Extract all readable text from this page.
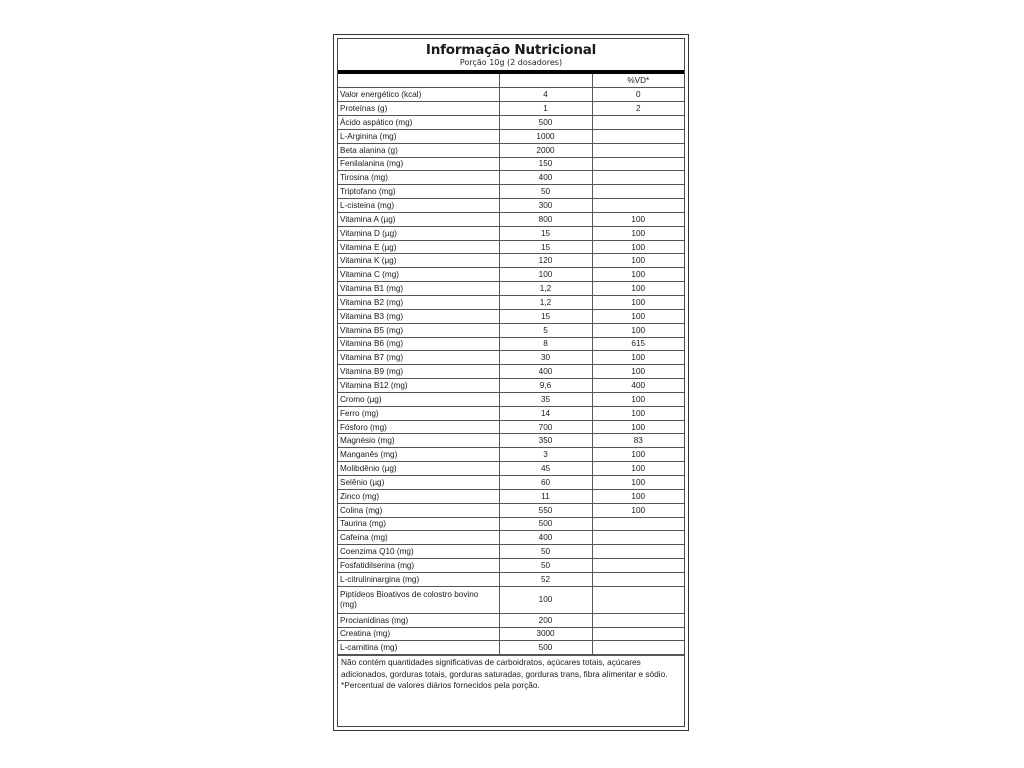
Informação Nutricional
Porção 10g (2 dosadores)
		%VD*
Valor energético (kcal)	4	0
Proteínas (g)	1	2
Ácido aspático (mg)	500	
L-Arginina (mg)	1000	
Beta alanina (g)	2000	
Fenilalanina (mg)	150	
Tirosina (mg)	400	
Triptofano (mg)	50	
L-cisteina (mg)	300	
Vitamina A (µg)	800	100
Vitamina D (µg)	15	100
Vitamina E (µg)	15	100
Vitamina K (µg)	120	100
Vitamina C (mg)	100	100
Vitamina B1 (mg)	1,2	100
Vitamina B2 (mg)	1,2	100
Vitamina B3 (mg)	15	100
Vitamina B5 (mg)	5	100
Vitamina B6 (mg)	8	615
Vitamina B7 (mg)	30	100
Vitamina B9 (mg)	400	100
Vitamina B12 (mg)	9,6	400
Cromo (µg)	35	100
Ferro (mg)	14	100
Fósforo (mg)	700	100
Magnésio (mg)	350	83
Manganês (mg)	3	100
Molibdênio (µg)	45	100
Selênio (µg)	60	100
Zinco (mg)	11	100
Colina (mg)	550	100
Taurina (mg)	500	
Cafeína (mg)	400	
Coenzima Q10 (mg)	50	
Fosfatidilserina (mg)	50	
L-citrulininargina (mg)	52	
Piptídeos Bioativos de colostro bovino (mg)	100	
Procianidinas (mg)	200	
Creatina (mg)	3000	
L-carnitina (mg)	500	
Não contém quantidades significativas de carboidratos, açúcares totais, açúcares adicionados, gorduras totais, gorduras saturadas, gorduras trans, fibra alimentar e sódio. *Percentual de valores diários fornecidos pela porção.
